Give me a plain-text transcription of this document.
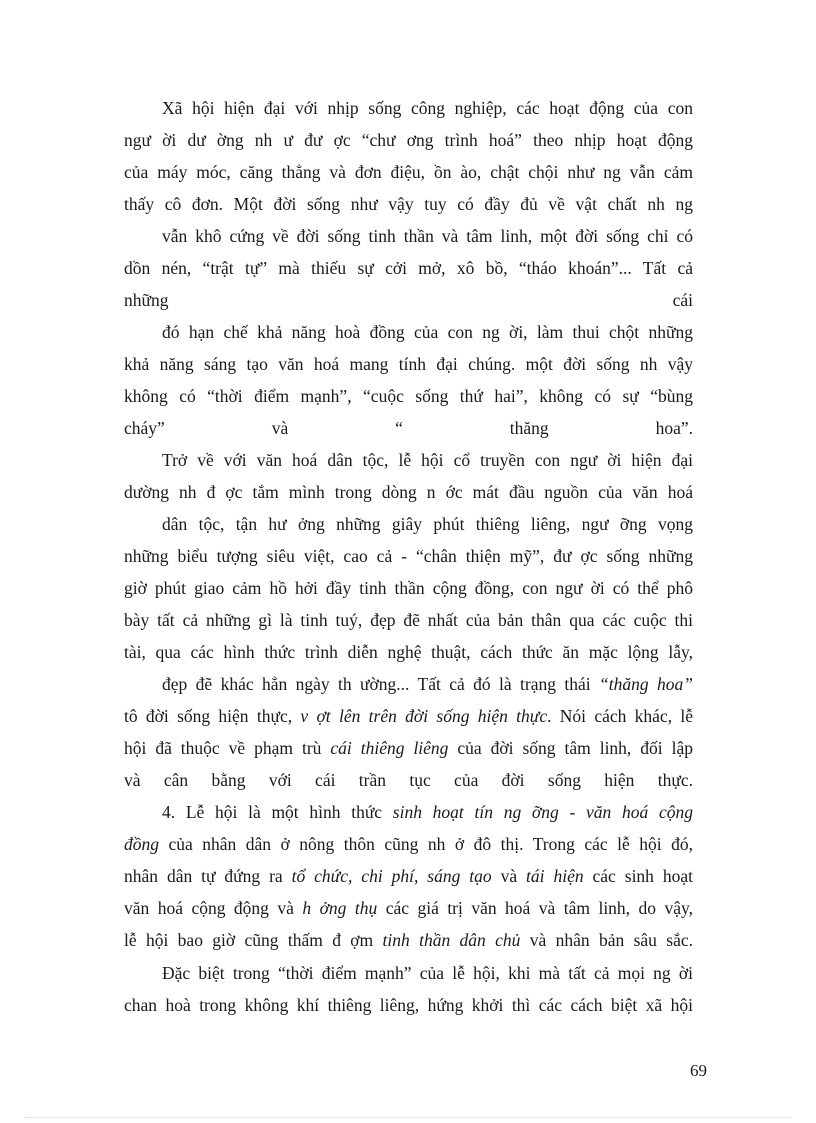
Xã hội hiện đại với nhịp sống công nghiệp, các hoạt động của con
ngư ời dư ờng nh ư đư ợc “chư ơng trình hoá” theo nhịp hoạt động
của máy móc, căng thẳng và đơn điệu, ồn ào, chật chội như ng vẫn cảm
thấy cô đơn. Một đời sống như vậy tuy có đầy đủ về vật chất nh ng
vẫn khô cứng về đời sống tinh thần và tâm linh, một đời sống chỉ có
dồn nén, “trật tự” mà thiếu sự cởi mở, xô bồ, “tháo khoán”... Tất cả
những cái
đó hạn chế khả năng hoà đồng của con ng ời, làm thui chột những
khả năng sáng tạo văn hoá mang tính đại chúng. một đời sống nh vậy
không có “thời điểm mạnh”, “cuộc sống thứ hai”, không có sự “bùng
cháy” và “ thăng hoa”.
Trở về với văn hoá dân tộc, lễ hội cổ truyền con ngư ời hiện đại
dường nh đ ợc tắm mình trong dòng n ớc mát đầu nguồn của văn hoá
dân tộc, tận hư ởng những giây phút thiêng liêng, ngư ỡng vọng
những biểu tượng siêu việt, cao cả - “chân thiện mỹ”, đư ợc sống những
giờ phút giao cảm hồ hởi đầy tinh thần cộng đồng, con ngư ời có thể phô
bày tất cả những gì là tinh tuý, đẹp đẽ nhất của bản thân qua các cuộc thi
tài, qua các hình thức trình diễn nghệ thuật, cách thức ăn mặc lộng lẫy,
đẹp đẽ khác hẳn ngày th ường... Tất cả đó là trạng thái “thăng hoa”
tô đời sống hiện thực, v ợt lên trên đời sống hiện thực. Nói cách khác, lễ
hội đã thuộc về phạm trù cái thiêng liêng của đời sống tâm linh, đối lập
và cân bằng với cái trần tục của đời sống hiện thực.
4. Lễ hội là một hình thức sinh hoạt tín ng ỡng - văn hoá cộng
đồng của nhân dân ở nông thôn cũng nh ở đô thị. Trong các lễ hội đó,
nhân dân tự đứng ra tổ chức, chi phí, sáng tạo và tái hiện các sinh hoạt
văn hoá cộng động và h ởng thụ các giá trị văn hoá và tâm linh, do vậy,
lễ hội bao giờ cũng thấm đ ợm tinh thần dân chủ và nhân bản sâu sắc.
Đặc biệt trong “thời điểm mạnh” của lễ hội, khi mà tất cả mọi ng ời
chan hoà trong không khí thiêng liêng, hứng khởi thì các cách biệt xã hội
69
